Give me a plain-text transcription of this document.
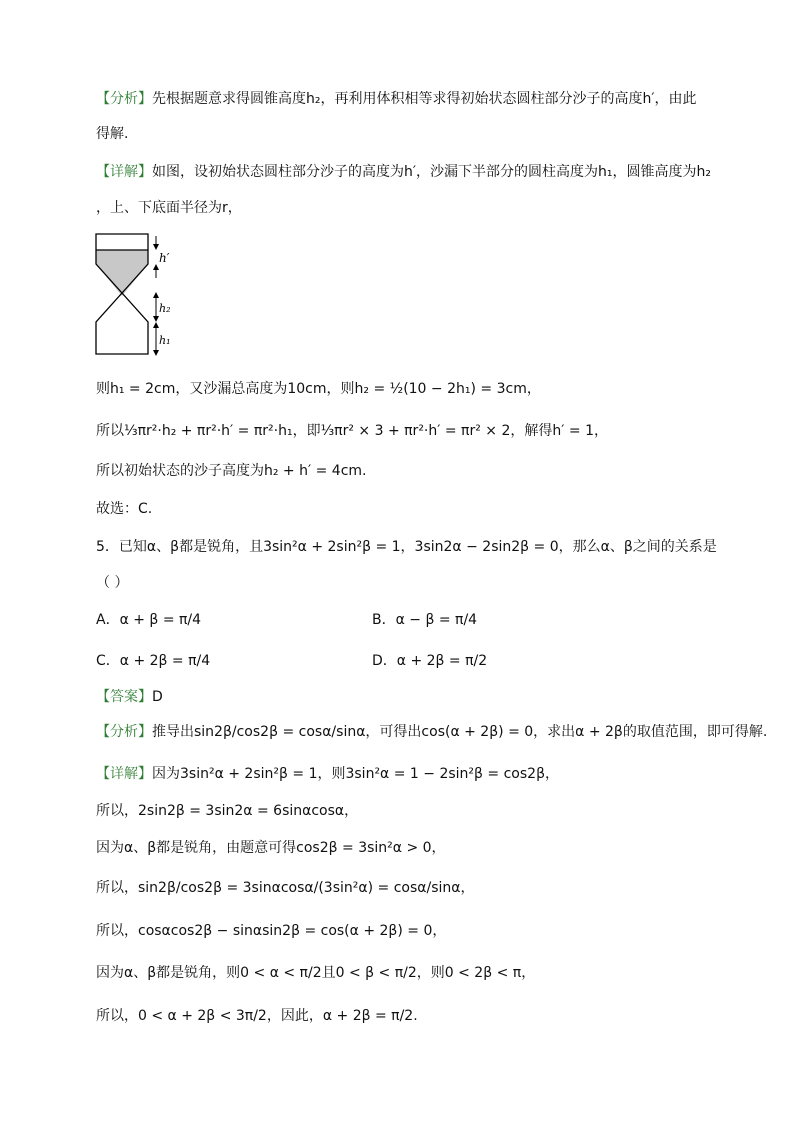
【分析】先根据题意求得圆锥高度h₂，再利用体积相等求得初始状态圆柱部分沙子的高度h′，由此
得解.
【详解】如图，设初始状态圆柱部分沙子的高度为h′，沙漏下半部分的圆柱高度为h₁，圆锥高度为h₂
，上、下底面半径为r，
h′
h₂
h₁
则h₁ = 2cm，又沙漏总高度为10cm，则h₂ = ½(10 − 2h₁) = 3cm，
所以⅓πr²·h₂ + πr²·h′ = πr²·h₁，即⅓πr² × 3 + πr²·h′ = πr² × 2，解得h′ = 1，
所以初始状态的沙子高度为h₂ + h′ = 4cm.
故选：C.
5．已知α、β都是锐角，且3sin²α + 2sin²β = 1，3sin2α − 2sin2β = 0，那么α、β之间的关系是
（ ）
A．α + β = π/4	B．α − β = π/4
C．α + 2β = π/4	D．α + 2β = π/2
【答案】D
【分析】推导出sin2β/cos2β = cosα/sinα，可得出cos(α + 2β) = 0，求出α + 2β的取值范围，即可得解.
【详解】因为3sin²α + 2sin²β = 1，则3sin²α = 1 − 2sin²β = cos2β，
所以，2sin2β = 3sin2α = 6sinαcosα，
因为α、β都是锐角，由题意可得cos2β = 3sin²α > 0，
所以，sin2β/cos2β = 3sinαcosα/(3sin²α) = cosα/sinα，
所以，cosαcos2β − sinαsin2β = cos(α + 2β) = 0，
因为α、β都是锐角，则0 < α < π/2且0 < β < π/2，则0 < 2β < π，
所以，0 < α + 2β < 3π/2，因此，α + 2β = π/2.
